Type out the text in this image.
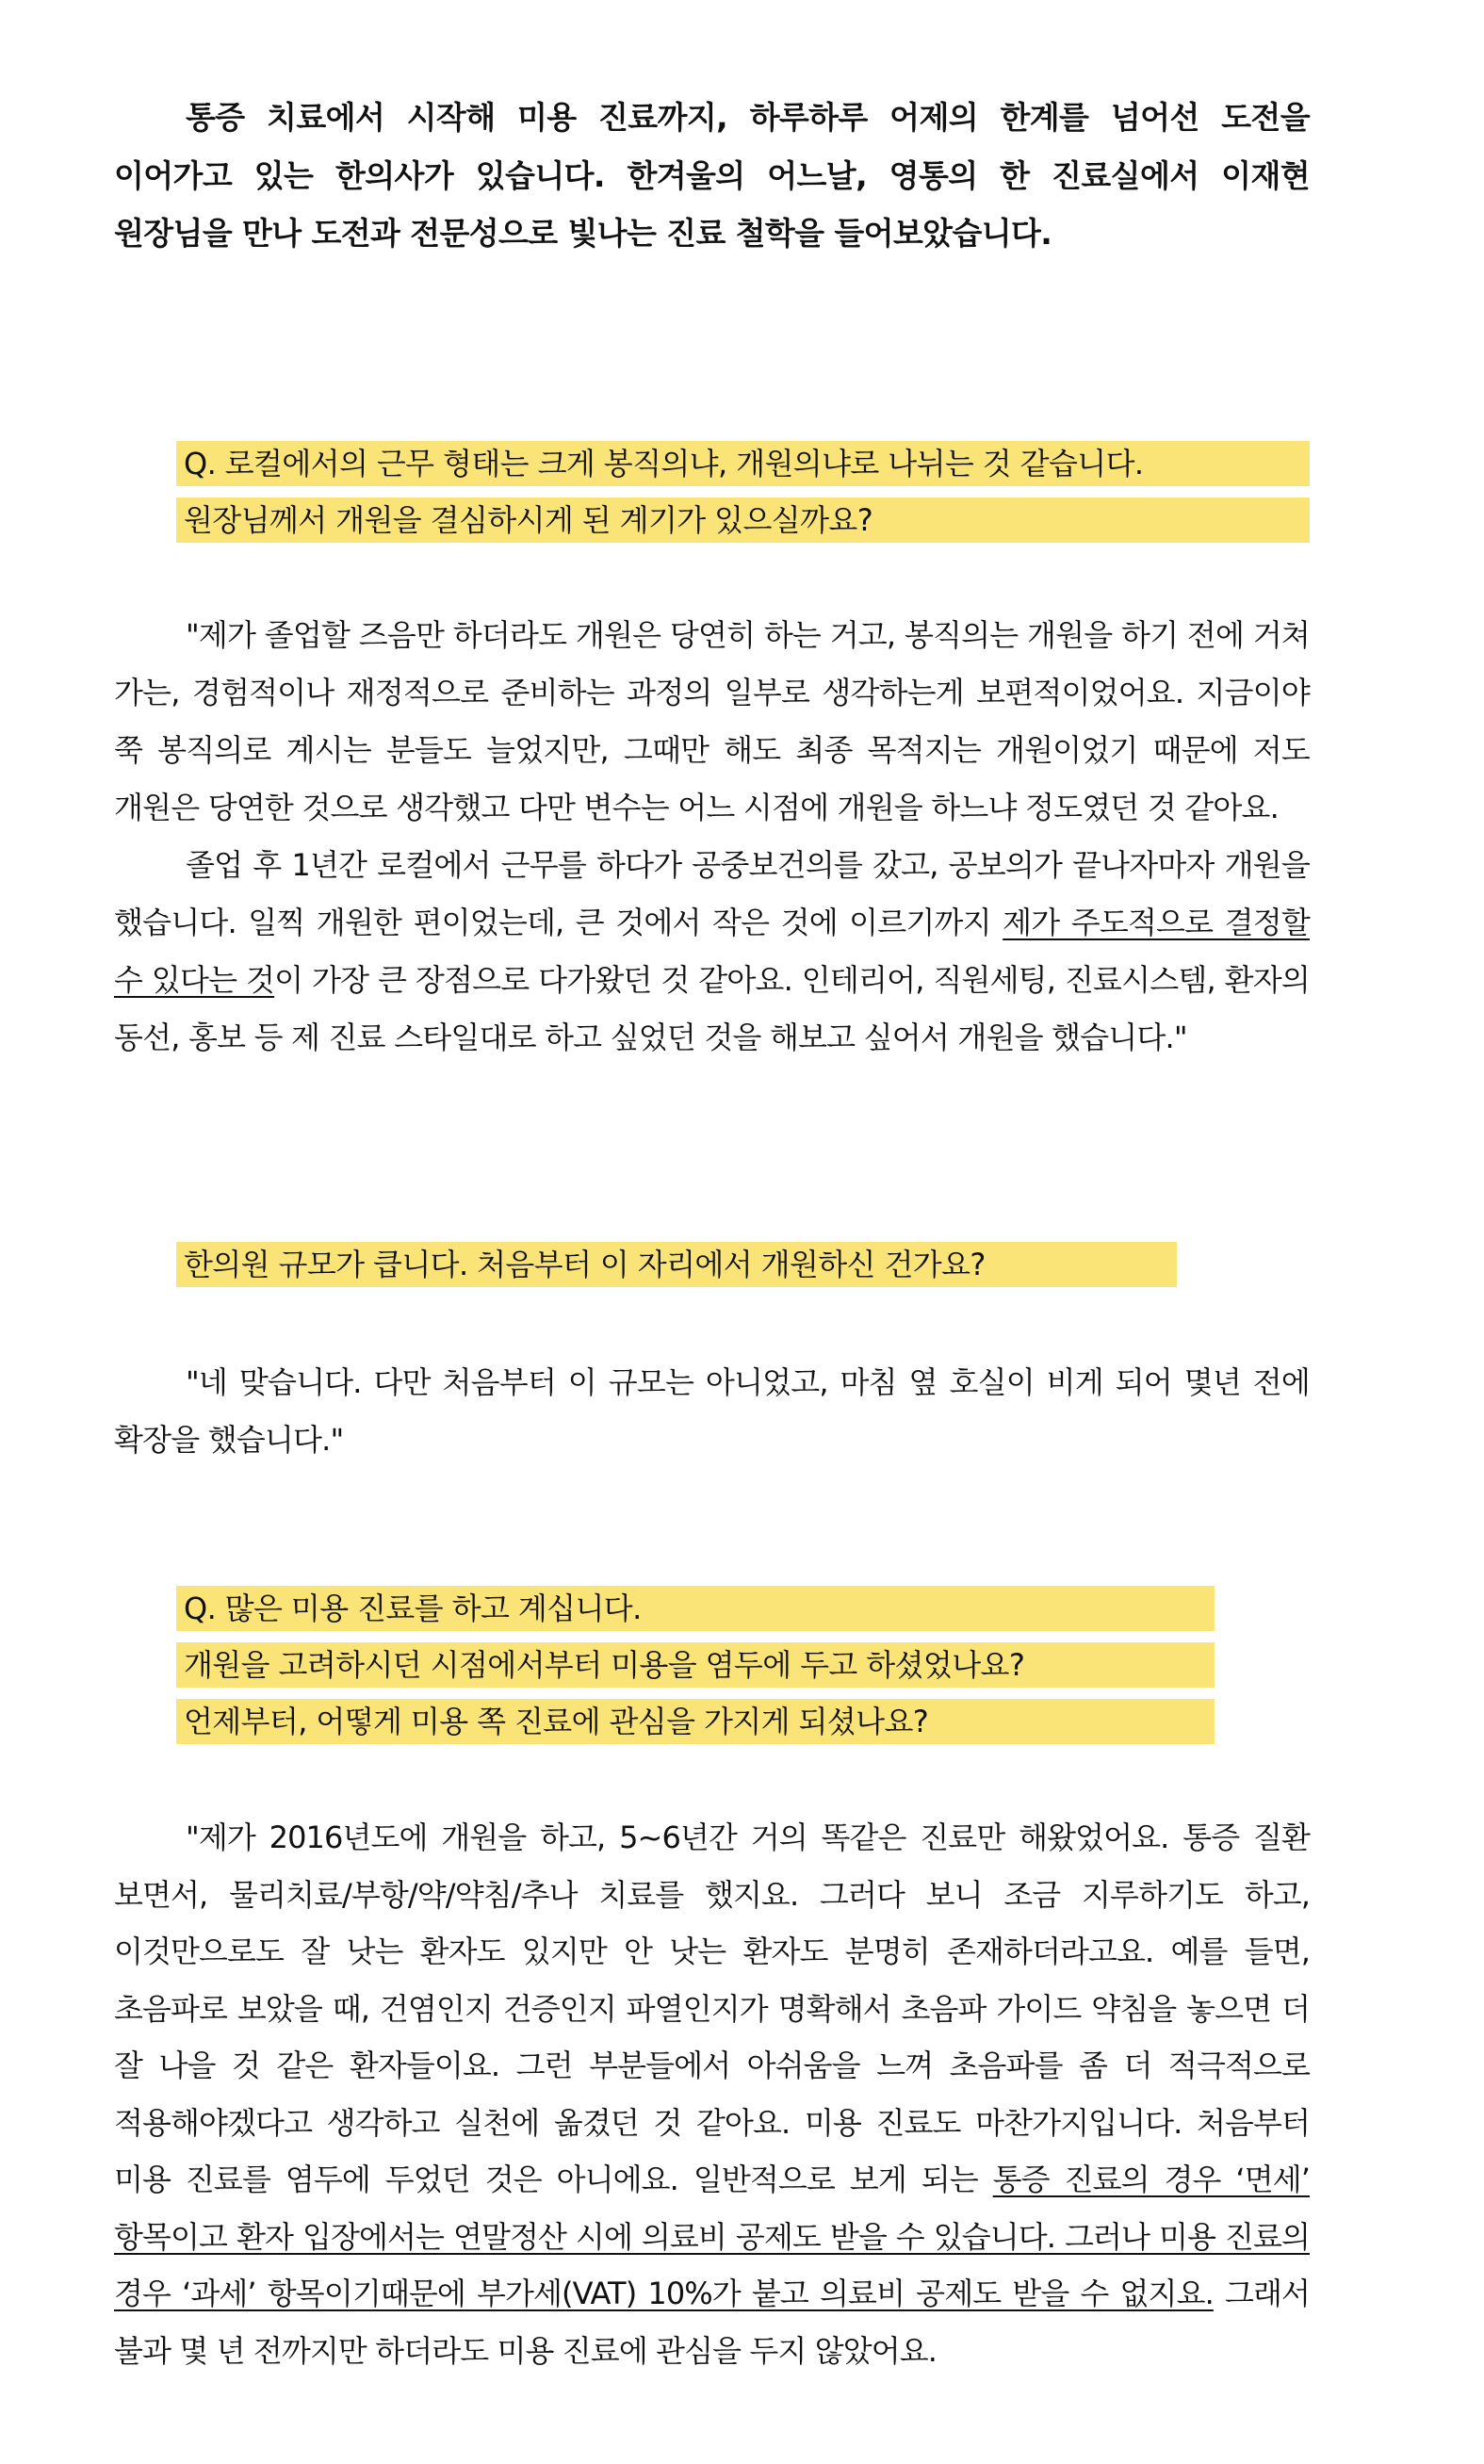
통증 치료에서 시작해 미용 진료까지, 하루하루 어제의 한계를 넘어선 도전을 이어가고 있는 한의사가 있습니다. 한겨울의 어느날, 영통의 한 진료실에서 이재현 원장님을 만나 도전과 전문성으로 빛나는 진료 철학을 들어보았습니다.
Q. 로컬에서의 근무 형태는 크게 봉직의냐, 개원의냐로 나뉘는 것 같습니다.
원장님께서 개원을 결심하시게 된 계기가 있으실까요?

"제가 졸업할 즈음만 하더라도 개원은 당연히 하는 거고, 봉직의는 개원을 하기 전에 거쳐 가는, 경험적이나 재정적으로 준비하는 과정의 일부로 생각하는게 보편적이었어요. 지금이야 쭉 봉직의로 계시는 분들도 늘었지만, 그때만 해도 최종 목적지는 개원이었기 때문에 저도 개원은 당연한 것으로 생각했고 다만 변수는 어느 시점에 개원을 하느냐 정도였던 것 같아요.

졸업 후 1년간 로컬에서 근무를 하다가 공중보건의를 갔고, 공보의가 끝나자마자 개원을 했습니다. 일찍 개원한 편이었는데, 큰 것에서 작은 것에 이르기까지 제가 주도적으로 결정할 수 있다는 것이 가장 큰 장점으로 다가왔던 것 같아요. 인테리어, 직원세팅, 진료시스템, 환자의 동선, 홍보 등 제 진료 스타일대로 하고 싶었던 것을 해보고 싶어서 개원을 했습니다."

한의원 규모가 큽니다. 처음부터 이 자리에서 개원하신 건가요?

"네 맞습니다. 다만 처음부터 이 규모는 아니었고, 마침 옆 호실이 비게 되어 몇년 전에 확장을 했습니다."

Q. 많은 미용 진료를 하고 계십니다.
개원을 고려하시던 시점에서부터 미용을 염두에 두고 하셨었나요?
언제부터, 어떻게 미용 쪽 진료에 관심을 가지게 되셨나요?

"제가 2016년도에 개원을 하고, 5~6년간 거의 똑같은 진료만 해왔었어요. 통증 질환 보면서, 물리치료/부항/약/약침/추나 치료를 했지요. 그러다 보니 조금 지루하기도 하고, 이것만으로도 잘 낫는 환자도 있지만 안 낫는 환자도 분명히 존재하더라고요. 예를 들면, 초음파로 보았을 때, 건염인지 건증인지 파열인지가 명확해서 초음파 가이드 약침을 놓으면 더 잘 나을 것 같은 환자들이요. 그런 부분들에서 아쉬움을 느껴 초음파를 좀 더 적극적으로 적용해야겠다고 생각하고 실천에 옮겼던 것 같아요. 미용 진료도 마찬가지입니다. 처음부터 미용 진료를 염두에 두었던 것은 아니에요. 일반적으로 보게 되는 통증 진료의 경우 ‘면세’ 항목이고 환자 입장에서는 연말정산 시에 의료비 공제도 받을 수 있습니다. 그러나 미용 진료의 경우 ‘과세’ 항목이기때문에 부가세(VAT) 10%가 붙고 의료비 공제도 받을 수 없지요. 그래서 불과 몇 년 전까지만 하더라도 미용 진료에 관심을 두지 않았어요.
